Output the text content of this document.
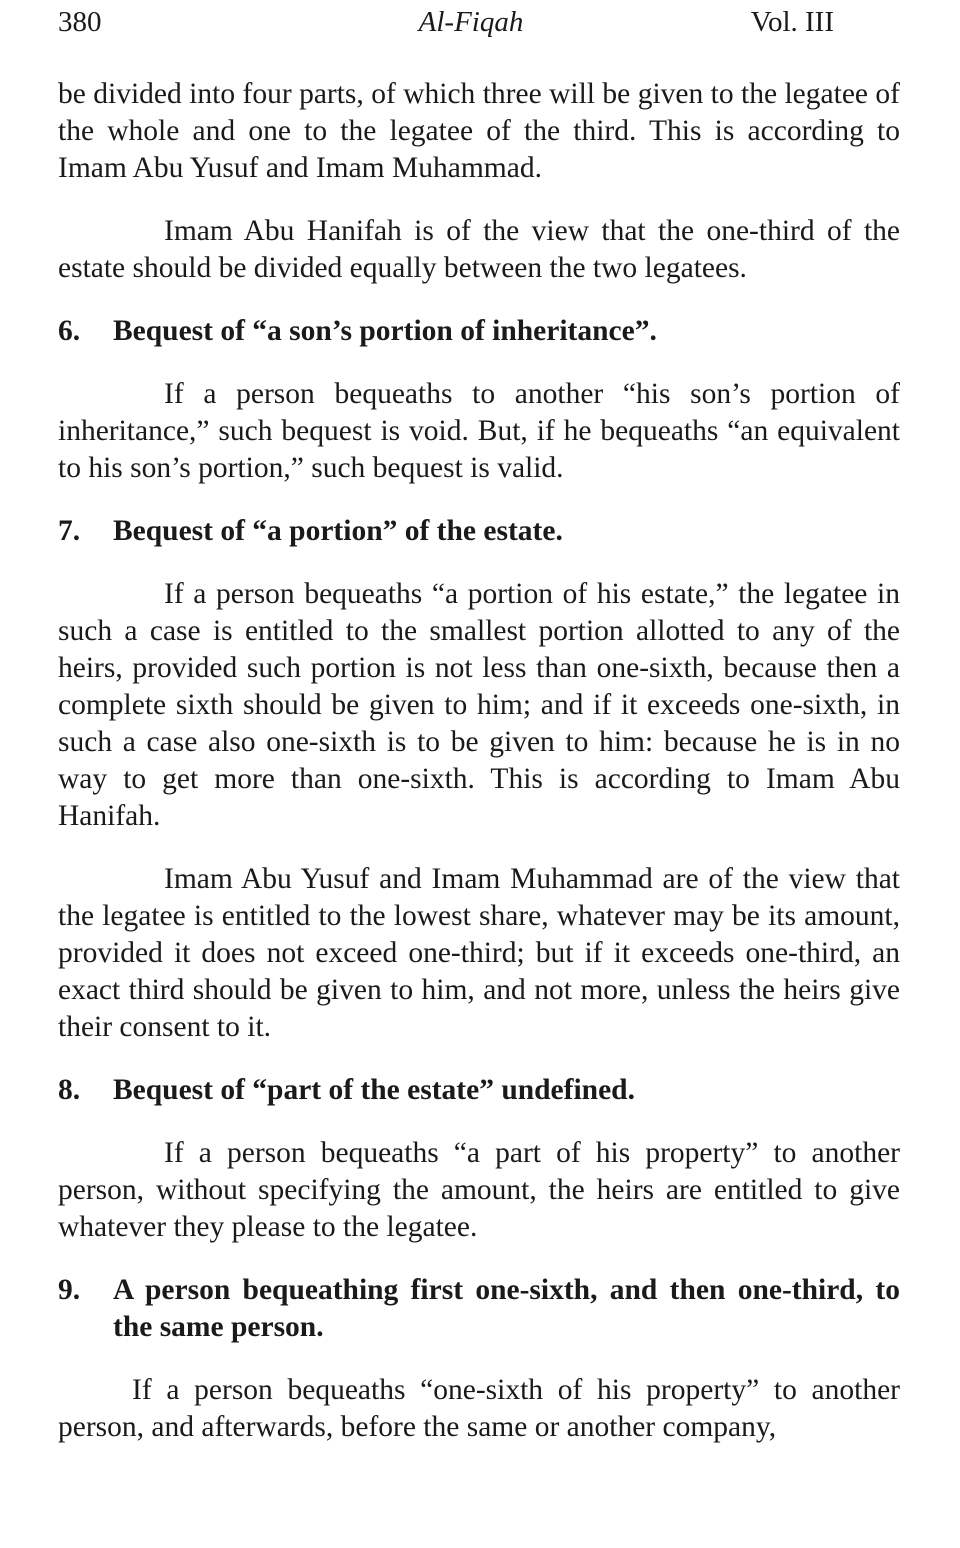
380	Al-Fiqah	Vol. III

be divided into four parts, of which three will be given to the legatee of the whole and one to the legatee of the third. This is according to Imam Abu Yusuf and Imam Muhammad.

Imam Abu Hanifah is of the view that the one-third of the estate should be divided equally between the two legatees.

6.	Bequest of “a son’s portion of inheritance”.

If a person bequeaths to another “his son’s portion of inheritance,” such bequest is void. But, if he bequeaths “an equivalent to his son’s portion,” such bequest is valid.

7.	Bequest of “a portion” of the estate.

If a person bequeaths “a portion of his estate,” the legatee in such a case is entitled to the smallest portion allotted to any of the heirs, provided such portion is not less than one-sixth, because then a complete sixth should be given to him; and if it exceeds one-sixth, in such a case also one-sixth is to be given to him: because he is in no way to get more than one-sixth. This is according to Imam Abu Hanifah.

Imam Abu Yusuf and Imam Muhammad are of the view that the legatee is entitled to the lowest share, whatever may be its amount, provided it does not exceed one-third; but if it exceeds one-third, an exact third should be given to him, and not more, unless the heirs give their consent to it.

8.	Bequest of “part of the estate” undefined.

If a person bequeaths “a part of his property” to another person, without specifying the amount, the heirs are entitled to give whatever they please to the legatee.

9.	A person bequeathing first one-sixth, and then one-third, to the same person.

If a person bequeaths “one-sixth of his property” to another person, and afterwards, before the same or another company,
